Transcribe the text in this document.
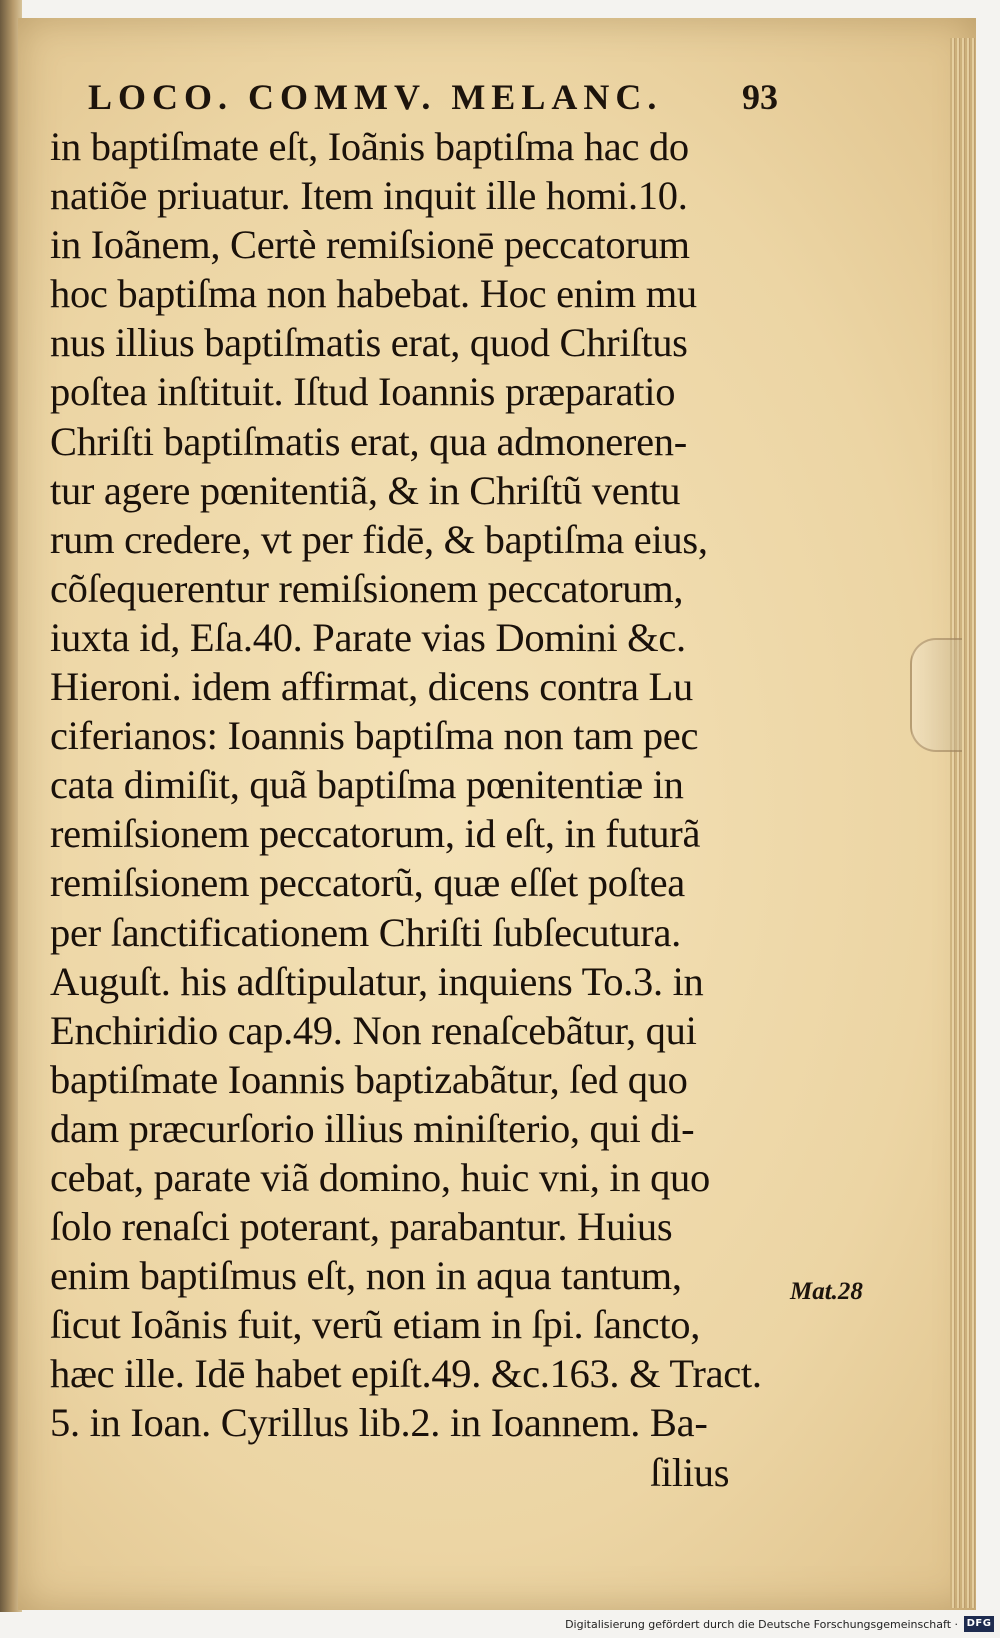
LOCO. COMMV. MELANC. 93
in baptiſmate eſt, Ioãnis baptiſma hac do
natiõe priuatur. Item inquit ille homi.10.
in Ioãnem, Certè remiſsionē peccatorum
hoc baptiſma non habebat. Hoc enim mu
nus illius baptiſmatis erat, quod Chriſtus
poſtea inſtituit. Iſtud Ioannis præparatio
Chriſti baptiſmatis erat, qua admoneren-
tur agere pœnitentiã, & in Chriſtũ ventu
rum credere, vt per fidē, & baptiſma eius,
cõſequerentur remiſsionem peccatorum,
iuxta id, Eſa.40. Parate vias Domini &c.
Hieroni. idem affirmat, dicens contra Lu
ciferianos: Ioannis baptiſma non tam pec
cata dimiſit, quã baptiſma pœnitentiæ in
remiſsionem peccatorum, id eſt, in futurã
remiſsionem peccatorũ, quæ eſſet poſtea
per ſanctificationem Chriſti ſubſecutura.
Auguſt. his adſtipulatur, inquiens To.3. in
Enchiridio cap.49. Non renaſcebãtur, qui
baptiſmate Ioannis baptizabãtur, ſed quo
dam præcurſorio illius miniſterio, qui di-
cebat, parate viã domino, huic vni, in quo
ſolo renaſci poterant, parabantur. Huius
enim baptiſmus eſt, non in aqua tantum,
ſicut Ioãnis fuit, verũ etiam in ſpi. ſancto,
hæc ille. Idē habet epiſt.49. &c.163. & Tract.
5. in Ioan. Cyrillus lib.2. in Ioannem. Ba-
ſilius
Mat.28
Digitalisierung gefördert durch die Deutsche Forschungsgemeinschaft · DFG
